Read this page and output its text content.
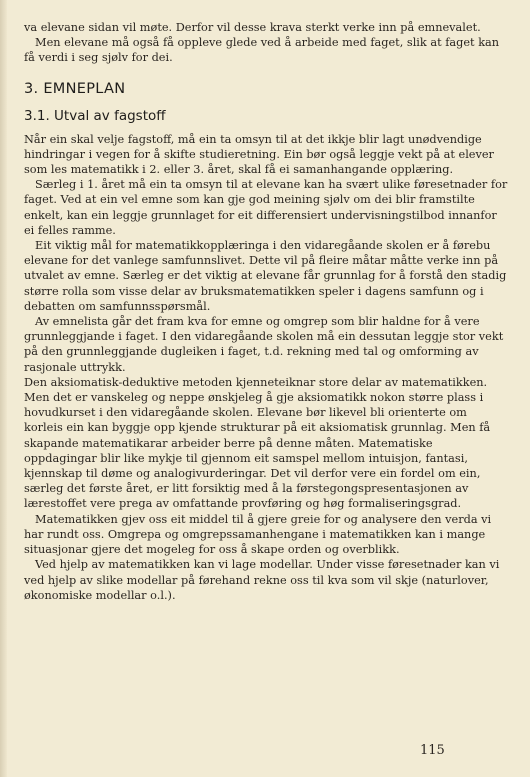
va elevane sidan vil møte. Derfor vil desse krava sterkt verke inn på emnevalet.

Men elevane må også få oppleve glede ved å arbeide med faget, slik at faget kan få verdi i seg sjølv for dei.

3. EMNEPLAN
3.1. Utval av fagstoff

Når ein skal velje fagstoff, må ein ta omsyn til at det ikkje blir lagt unødvendige hindringar i vegen for å skifte studieretning. Ein bør også leggje vekt på at elever som les matematikk i 2. eller 3. året, skal få ei samanhangande opplæring.

Særleg i 1. året må ein ta omsyn til at elevane kan ha svært ulike føresetnader for faget. Ved at ein vel emne som kan gje god meining sjølv om dei blir framstilte enkelt, kan ein leggje grunnlaget for eit differensiert undervisningstilbod innanfor ei felles ramme.

Eit viktig mål for matematikkopplæringa i den vidaregåande skolen er å førebu elevane for det vanlege samfunnslivet. Dette vil på fleire måtar måtte verke inn på utvalet av emne. Særleg er det viktig at elevane får grunnlag for å forstå den stadig større rolla som visse delar av bruksmatematikken speler i dagens samfunn og i debatten om samfunnsspørsmål.

Av emnelista går det fram kva for emne og omgrep som blir haldne for å vere grunnleggjande i faget. I den vidaregåande skolen må ein dessutan leggje stor vekt på den grunnleggjande dugleiken i faget, t.d. rekning med tal og omforming av rasjonale uttrykk.

Den aksiomatisk-deduktive metoden kjenneteiknar store delar av matematikken. Men det er vanskeleg og neppe ønskjeleg å gje aksiomatikk nokon større plass i hovudkurset i den vidaregåande skolen. Elevane bør likevel bli orienterte om korleis ein kan byggje opp kjende strukturar på eit aksiomatisk grunnlag. Men få skapande matematikarar arbeider berre på denne måten. Matematiske oppdagingar blir like mykje til gjennom eit samspel mellom intuisjon, fantasi, kjennskap til døme og analogivurderingar. Det vil derfor vere ein fordel om ein, særleg det første året, er litt forsiktig med å la førstegongspresentasjonen av lærestoffet vere prega av omfattande provføring og høg formaliseringsgrad.

Matematikken gjev oss eit middel til å gjere greie for og analysere den verda vi har rundt oss. Omgrepa og omgrepssamanhengane i matematikken kan i mange situasjonar gjere det mogeleg for oss å skape orden og overblikk.

Ved hjelp av matematikken kan vi lage modellar. Under visse føresetnader kan vi ved hjelp av slike modellar på førehand rekne oss til kva som vil skje (naturlover, økonomiske modellar o.l.).

115
